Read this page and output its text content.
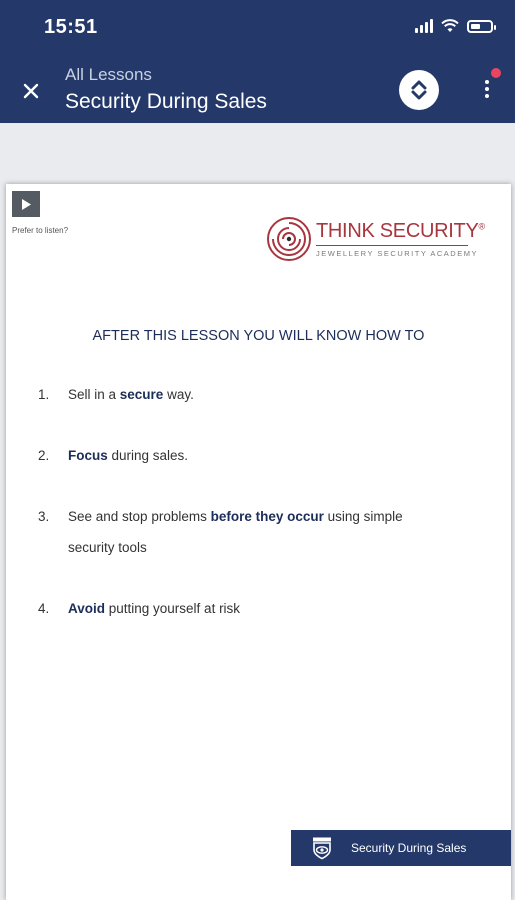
15:51
All Lessons
Security During Sales
Prefer to listen?	THINK SECURITY®
JEWELLERY SECURITY ACADEMY
AFTER THIS LESSON YOU WILL KNOW HOW TO
1. Sell in a secure way.
2. Focus during sales.
3. See and stop problems before they occur using simple security tools
4. Avoid putting yourself at risk
Security During Sales
